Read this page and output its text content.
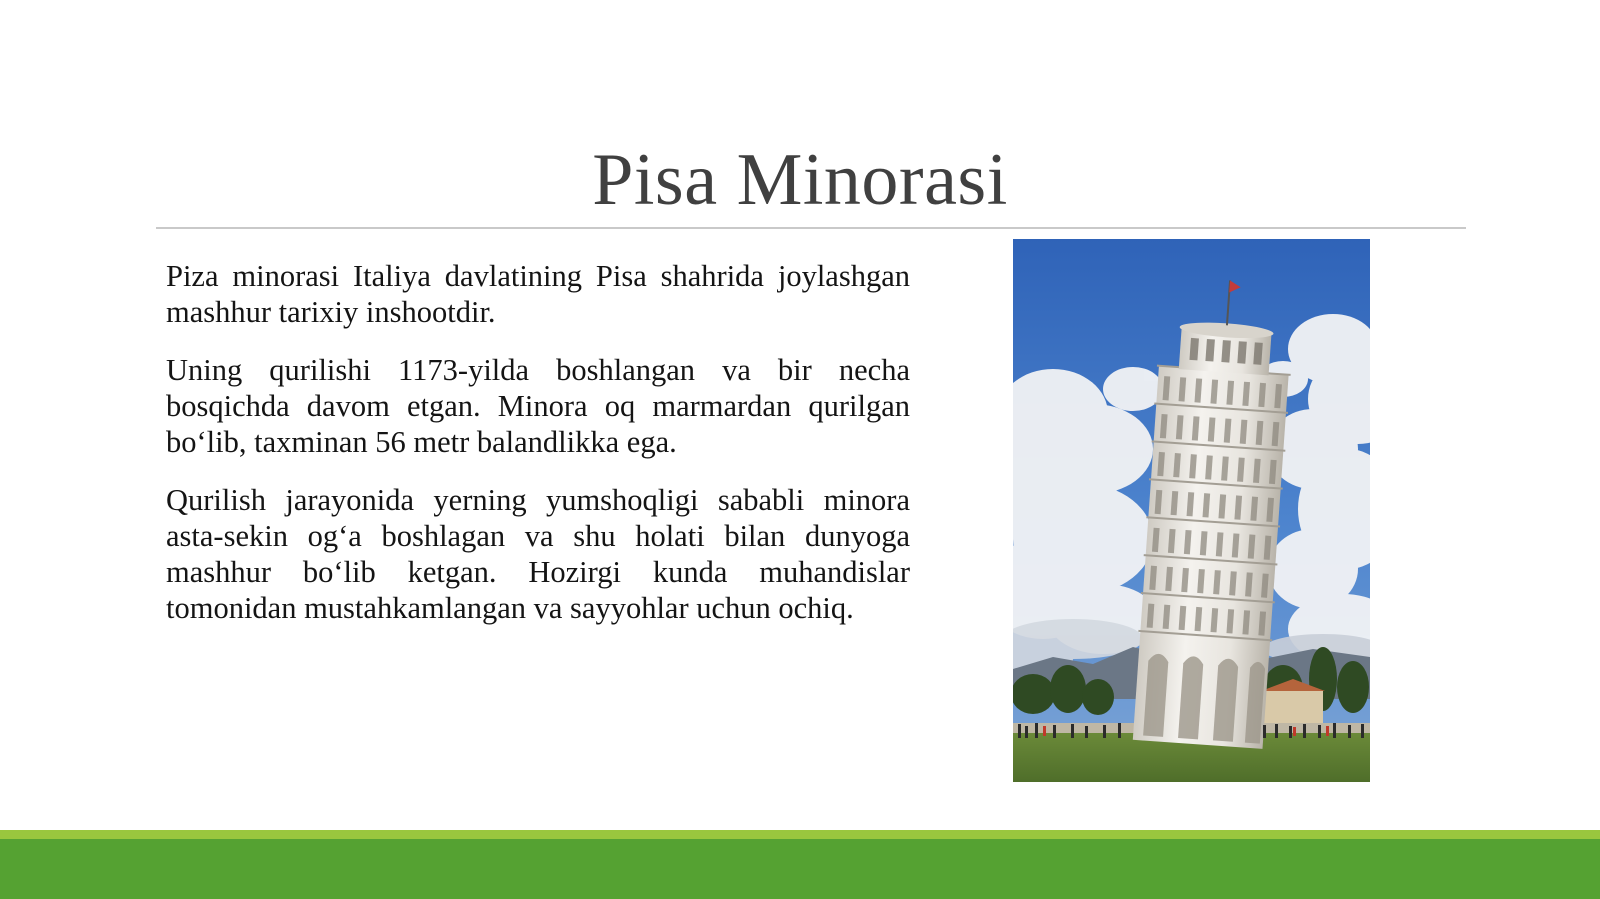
Pisa Minorasi

Piza minorasi Italiya davlatining Pisa shahrida joylashgan mashhur tarixiy inshootdir.

Uning qurilishi 1173-yilda boshlangan va bir necha bosqichda davom etgan. Minora oq marmardan qurilgan bo‘lib, taxminan 56 metr balandlikka ega.

Qurilish jarayonida yerning yumshoqligi sababli minora asta-sekin og‘a boshlagan va shu holati bilan dunyoga mashhur bo‘lib ketgan. Hozirgi kunda muhandislar tomonidan mustahkamlangan va sayyohlar uchun ochiq.
